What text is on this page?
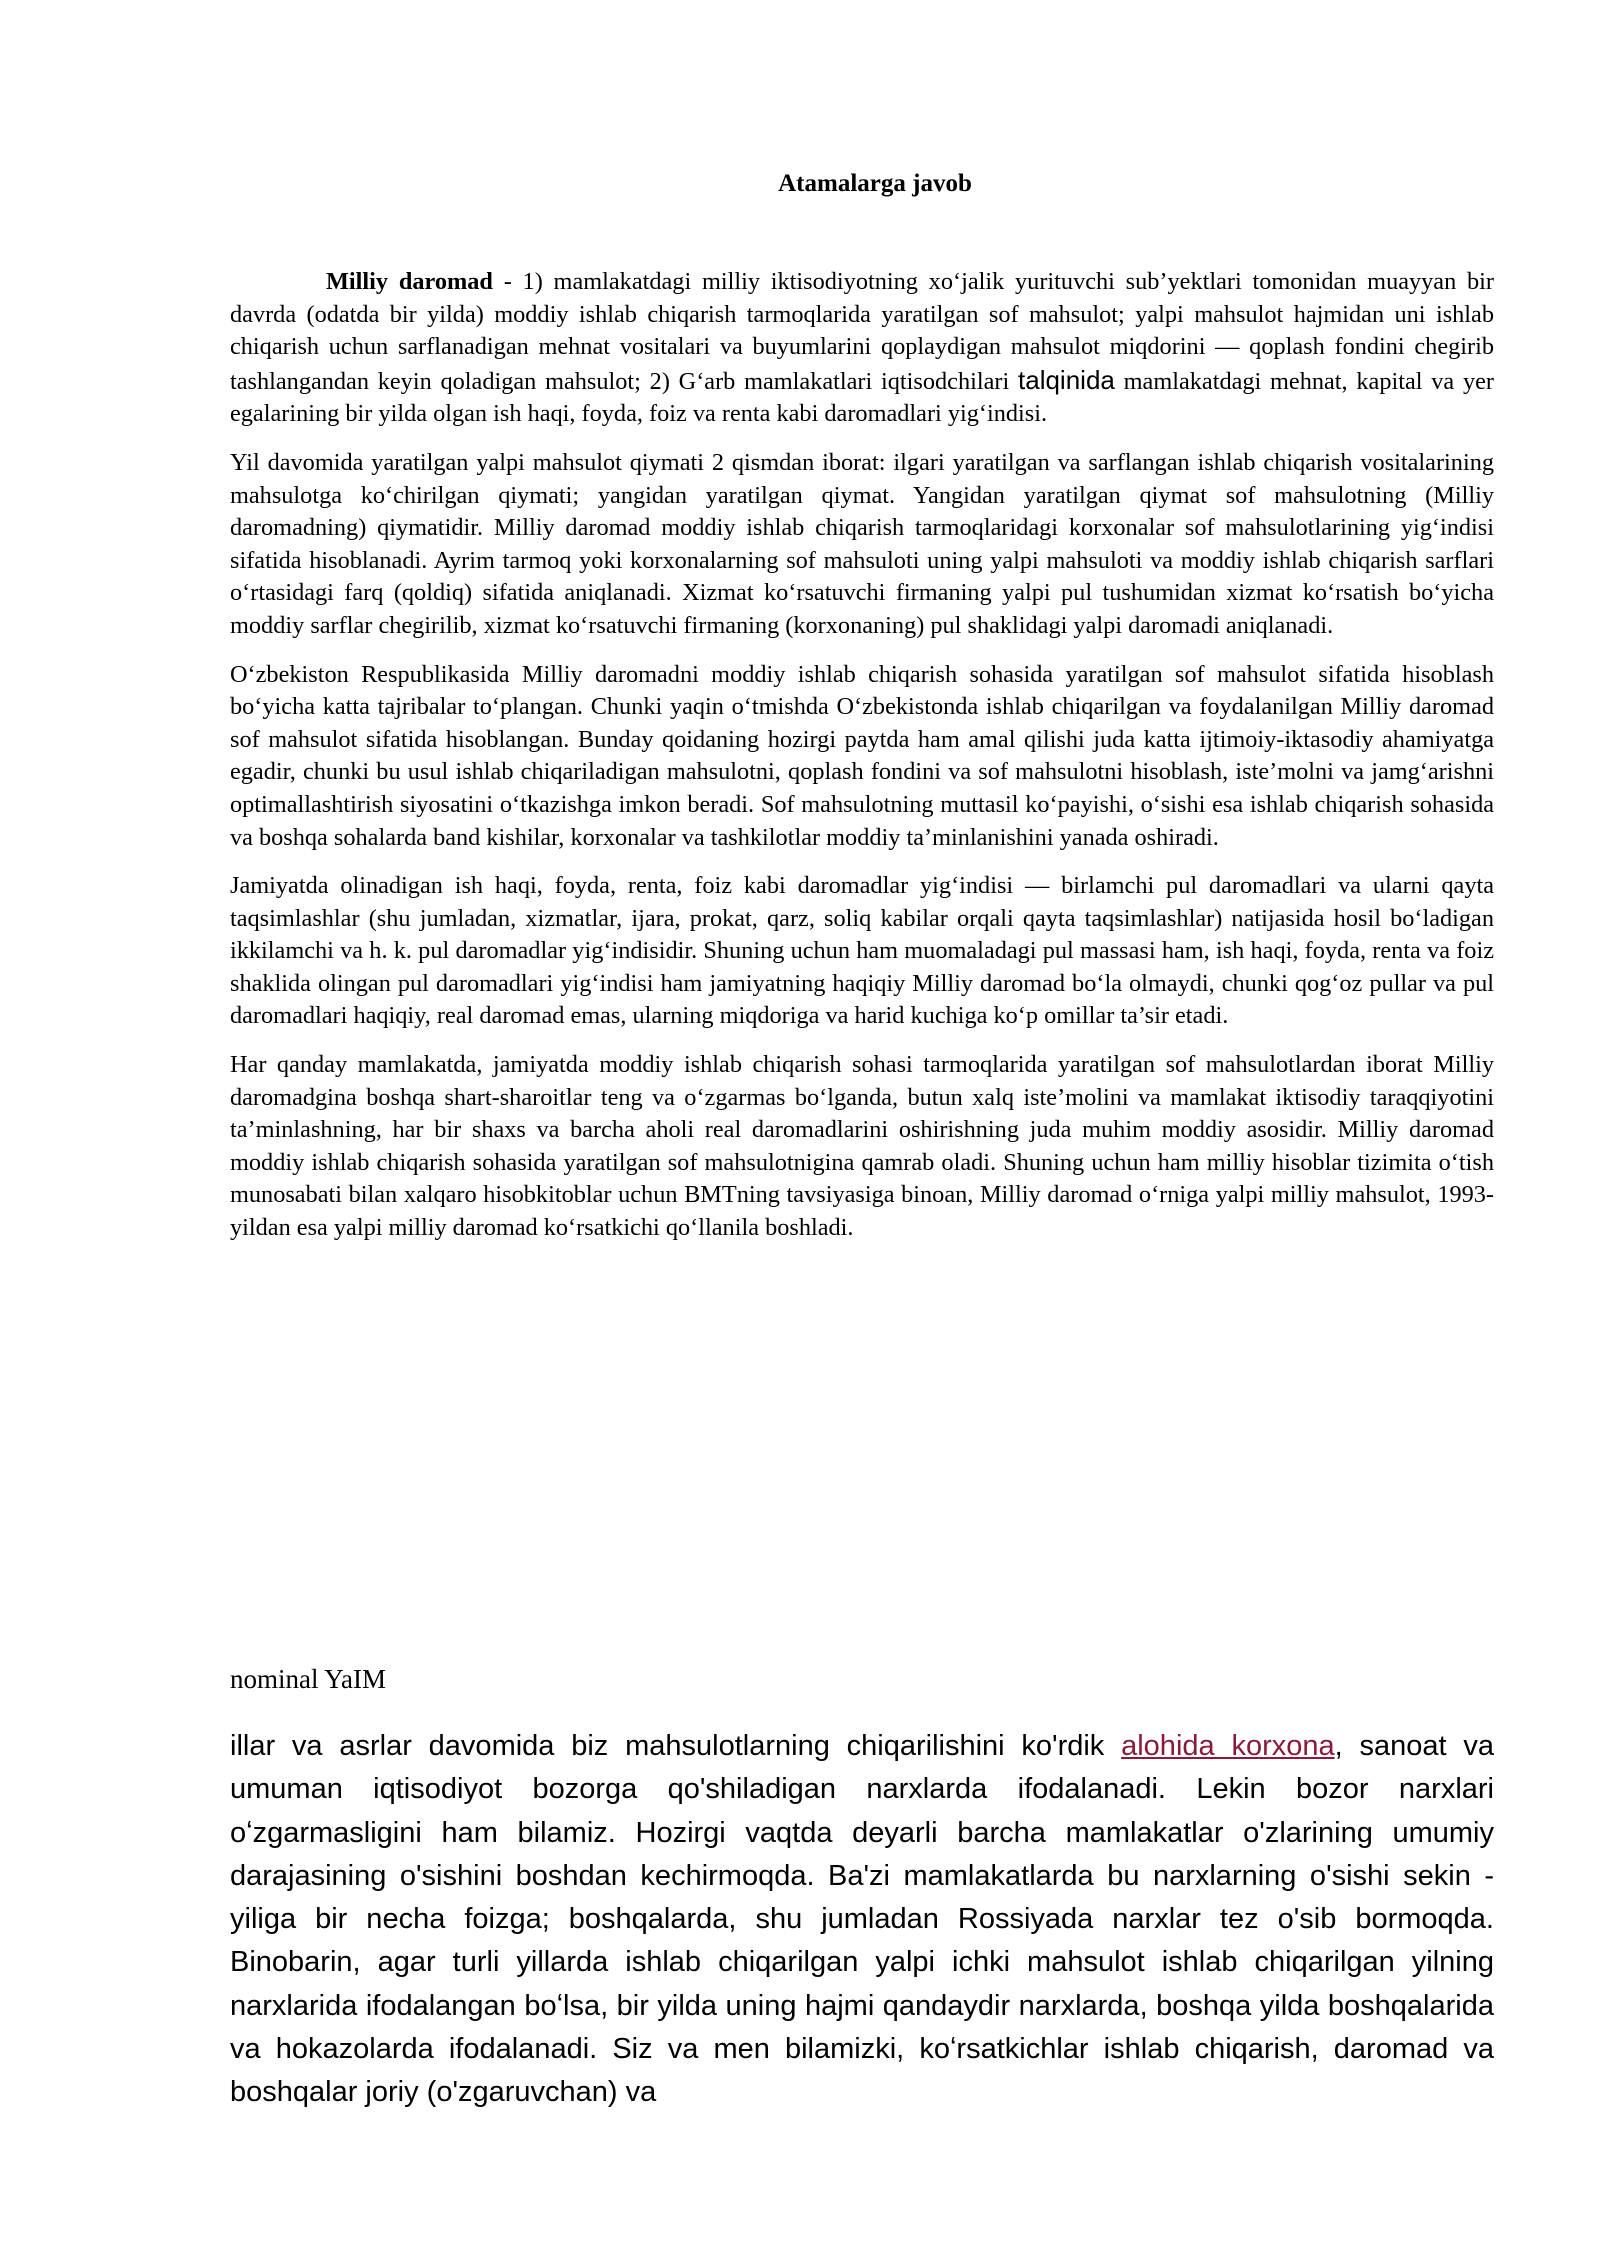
Atamalarga javob

Milliy daromad - 1) mamlakatdagi milliy iktisodiyotning xoʻjalik yurituvchi sub’yektlari tomonidan muayyan bir davrda (odatda bir yilda) moddiy ishlab chiqarish tarmoqlarida yaratilgan sof mahsulot; yalpi mahsulot hajmidan uni ishlab chiqarish uchun sarflanadigan mehnat vositalari va buyumlarini qoplaydigan mahsulot miqdorini — qoplash fondini chegirib tashlangandan keyin qoladigan mahsulot; 2) Gʻarb mamlakatlari iqtisodchilari talqinida mamlakatdagi mehnat, kapital va yer egalarining bir yilda olgan ish haqi, foyda, foiz va renta kabi daromadlari yigʻindisi.

Yil davomida yaratilgan yalpi mahsulot qiymati 2 qismdan iborat: ilgari yaratilgan va sarflangan ishlab chiqarish vositalarining mahsulotga koʻchirilgan qiymati; yangidan yaratilgan qiymat. Yangidan yaratilgan qiymat sof mahsulotning (Milliy daromadning) qiymatidir. Milliy daromad moddiy ishlab chiqarish tarmoqlaridagi korxonalar sof mahsulotlarining yigʻindisi sifatida hisoblanadi. Ayrim tarmoq yoki korxonalarning sof mahsuloti uning yalpi mahsuloti va moddiy ishlab chiqarish sarflari oʻrtasidagi farq (qoldiq) sifatida aniqlanadi. Xizmat koʻrsatuvchi firmaning yalpi pul tushumidan xizmat koʻrsatish boʻyicha moddiy sarflar chegirilib, xizmat koʻrsatuvchi firmaning (korxonaning) pul shaklidagi yalpi daromadi aniqlanadi.

Oʻzbekiston Respublikasida Milliy daromadni moddiy ishlab chiqarish sohasida yaratilgan sof mahsulot sifatida hisoblash boʻyicha katta tajribalar toʻplangan. Chunki yaqin oʻtmishda Oʻzbekistonda ishlab chiqarilgan va foydalanilgan Milliy daromad sof mahsulot sifatida hisoblangan. Bunday qoidaning hozirgi paytda ham amal qilishi juda katta ijtimoiy-iktasodiy ahamiyatga egadir, chunki bu usul ishlab chiqariladigan mahsulotni, qoplash fondini va sof mahsulotni hisoblash, iste’molni va jamgʻarishni optimallashtirish siyosatini oʻtkazishga imkon beradi. Sof mahsulotning muttasil koʻpayishi, oʻsishi esa ishlab chiqarish sohasida va boshqa sohalarda band kishilar, korxonalar va tashkilotlar moddiy ta’minlanishini yanada oshiradi.

Jamiyatda olinadigan ish haqi, foyda, renta, foiz kabi daromadlar yigʻindisi — birlamchi pul daromadlari va ularni qayta taqsimlashlar (shu jumladan, xizmatlar, ijara, prokat, qarz, soliq kabilar orqali qayta taqsimlashlar) natijasida hosil boʻladigan ikkilamchi va h. k. pul daromadlar yigʻindisidir. Shuning uchun ham muomaladagi pul massasi ham, ish haqi, foyda, renta va foiz shaklida olingan pul daromadlari yigʻindisi ham jamiyatning haqiqiy Milliy daromad boʻla olmaydi, chunki qogʻoz pullar va pul daromadlari haqiqiy, real daromad emas, ularning miqdoriga va harid kuchiga koʻp omillar ta’sir etadi.

Har qanday mamlakatda, jamiyatda moddiy ishlab chiqarish sohasi tarmoqlarida yaratilgan sof mahsulotlardan iborat Milliy daromadgina boshqa shart-sharoitlar teng va oʻzgarmas boʻlganda, butun xalq iste’molini va mamlakat iktisodiy taraqqiyotini ta’minlashning, har bir shaxs va barcha aholi real daromadlarini oshirishning juda muhim moddiy asosidir. Milliy daromad moddiy ishlab chiqarish sohasida yaratilgan sof mahsulotnigina qamrab oladi. Shuning uchun ham milliy hisoblar tizimita oʻtish munosabati bilan xalqaro hisobkitoblar uchun BMTning tavsiyasiga binoan, Milliy daromad oʻrniga yalpi milliy mahsulot, 1993-yildan esa yalpi milliy daromad koʻrsatkichi qoʻllanila boshladi.

nominal YaIM

illar va asrlar davomida biz mahsulotlarning chiqarilishini ko'rdik alohida korxona, sanoat va umuman iqtisodiyot bozorga qo'shiladigan narxlarda ifodalanadi. Lekin bozor narxlari oʻzgarmasligini ham bilamiz. Hozirgi vaqtda deyarli barcha mamlakatlar o'zlarining umumiy darajasining o'sishini boshdan kechirmoqda. Ba'zi mamlakatlarda bu narxlarning o'sishi sekin - yiliga bir necha foizga; boshqalarda, shu jumladan Rossiyada narxlar tez o'sib bormoqda. Binobarin, agar turli yillarda ishlab chiqarilgan yalpi ichki mahsulot ishlab chiqarilgan yilning narxlarida ifodalangan boʻlsa, bir yilda uning hajmi qandaydir narxlarda, boshqa yilda boshqalarida va hokazolarda ifodalanadi. Siz va men bilamizki, koʻrsatkichlar ishlab chiqarish, daromad va boshqalar joriy (o'zgaruvchan) va
